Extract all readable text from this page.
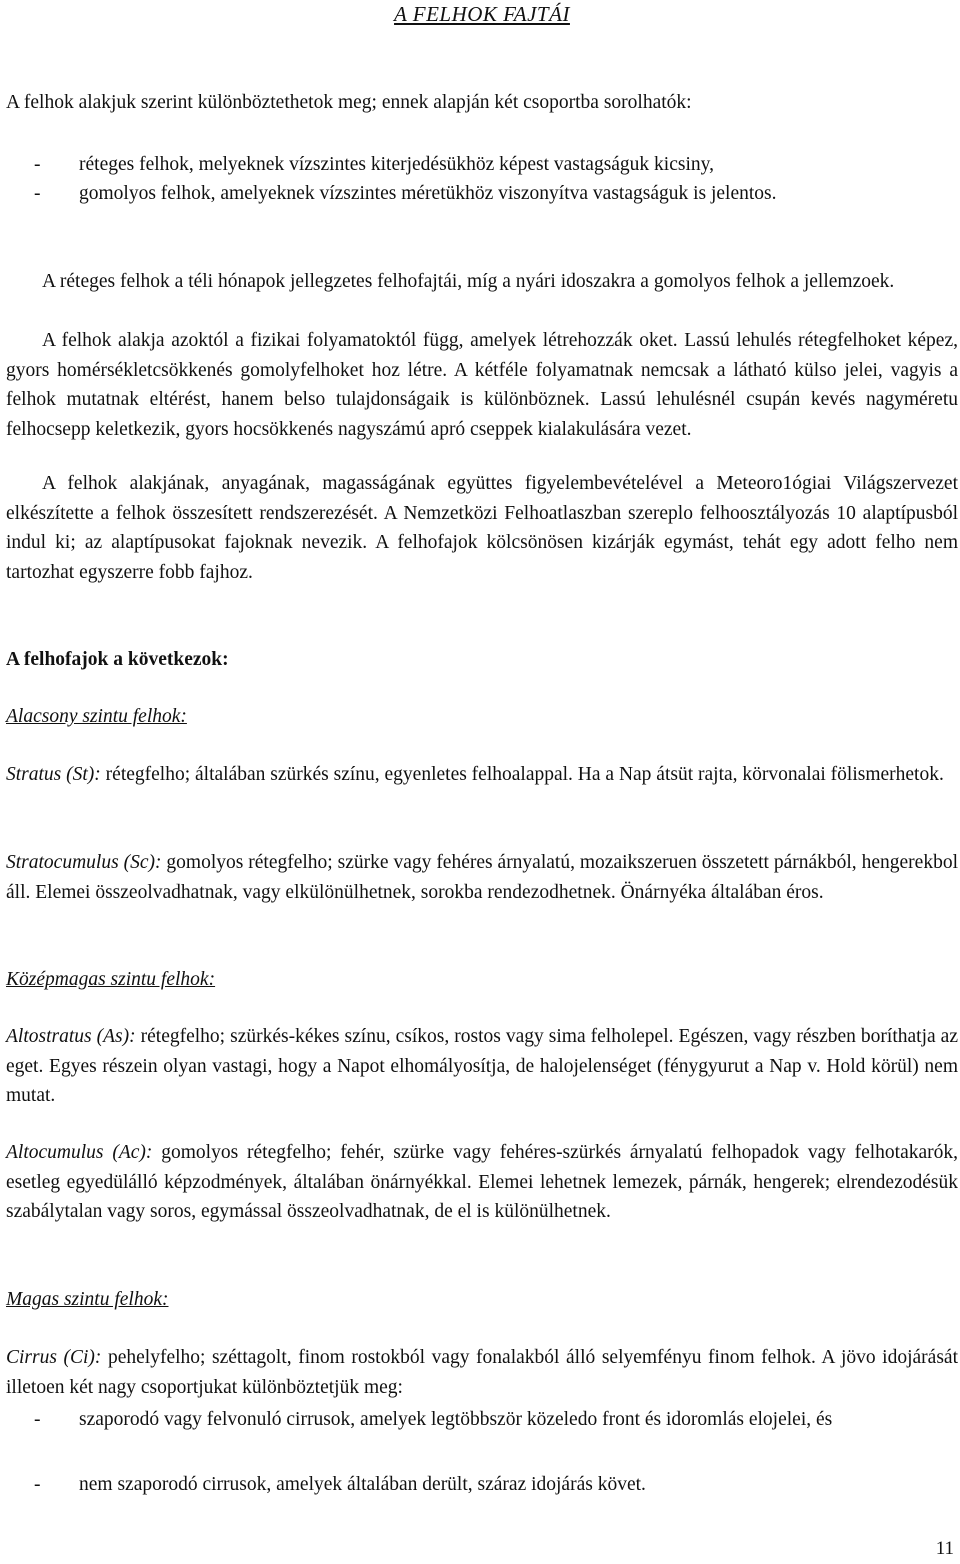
A FELHOK FAJTÁI
A felhok alakjuk szerint különböztethetok meg; ennek alapján két csoportba sorolhatók:
- réteges felhok, melyeknek vízszintes kiterjedésükhöz képest vastagságuk kicsiny,
- gomolyos felhok, amelyeknek vízszintes méretükhöz viszonyítva vastagságuk is jelentos.
A réteges felhok a téli hónapok jellegzetes felhofajtái, míg a nyári idoszakra a gomolyos felhok a jellemzoek.
A felhok alakja azoktól a fizikai folyamatoktól függ, amelyek létrehozzák oket. Lassú lehulés rétegfelhoket képez, gyors homérsékletcsökkenés gomolyfelhoket hoz létre. A kétféle folyamatnak nemcsak a látható külso jelei, vagyis a felhok mutatnak eltérést, hanem belso tulajdonságaik is különböznek. Lassú lehulésnél csupán kevés nagyméretu felhocsepp keletkezik, gyors hocsökkenés nagyszámú apró cseppek kialakulására vezet.
A felhok alakjának, anyagának, magasságának együttes figyelembevételével a Meteoro1ógiai Világszervezet elkészítette a felhok összesített rendszerezését. A Nemzetközi Felhoatlaszban szereplo felhoosztályozás 10 alaptípusból indul ki; az alaptípusokat fajoknak nevezik. A felhofajok kölcsönösen kizárják egymást, tehát egy adott felho nem tartozhat egyszerre fobb fajhoz.
A felhofajok a következok:
Alacsony szintu felhok:
Stratus (St): rétegfelho; általában szürkés színu, egyenletes felhoalappal. Ha a Nap átsüt rajta, körvonalai fölismerhetok.
Stratocumulus (Sc): gomolyos rétegfelho; szürke vagy fehéres árnyalatú, mozaikszeruen összetett párnákból, hengerekbol áll. Elemei összeolvadhatnak, vagy elkülönülhetnek, sorokba rendezodhetnek. Önárnyéka általában éros.
Középmagas szintu felhok:
Altostratus (As): rétegfelho; szürkés-kékes színu, csíkos, rostos vagy sima felholepel. Egészen, vagy részben boríthatja az eget. Egyes részein olyan vastagi, hogy a Napot elhomályosítja, de halojelenséget (fénygyurut a Nap v. Hold körül) nem mutat.
Altocumulus (Ac): gomolyos rétegfelho; fehér, szürke vagy fehéres-szürkés árnyalatú felhopadok vagy felhotakarók, esetleg egyedülálló képzodmények, általában önárnyékkal. Elemei lehetnek lemezek, párnák, hengerek; elrendezodésük szabálytalan vagy soros, egymással összeolvadhatnak, de el is különülhetnek.
Magas szintu felhok:
Cirrus (Ci): pehelyfelho; széttagolt, finom rostokból vagy fonalakból álló selyemfényu finom felhok. A jövo idojárását illetoen két nagy csoportjukat különböztetjük meg:
- szaporodó vagy felvonuló cirrusok, amelyek legtöbbször közeledo front és idoromlás elojelei, és
- nem szaporodó cirrusok, amelyek általában derült, száraz idojárás követ.
11
